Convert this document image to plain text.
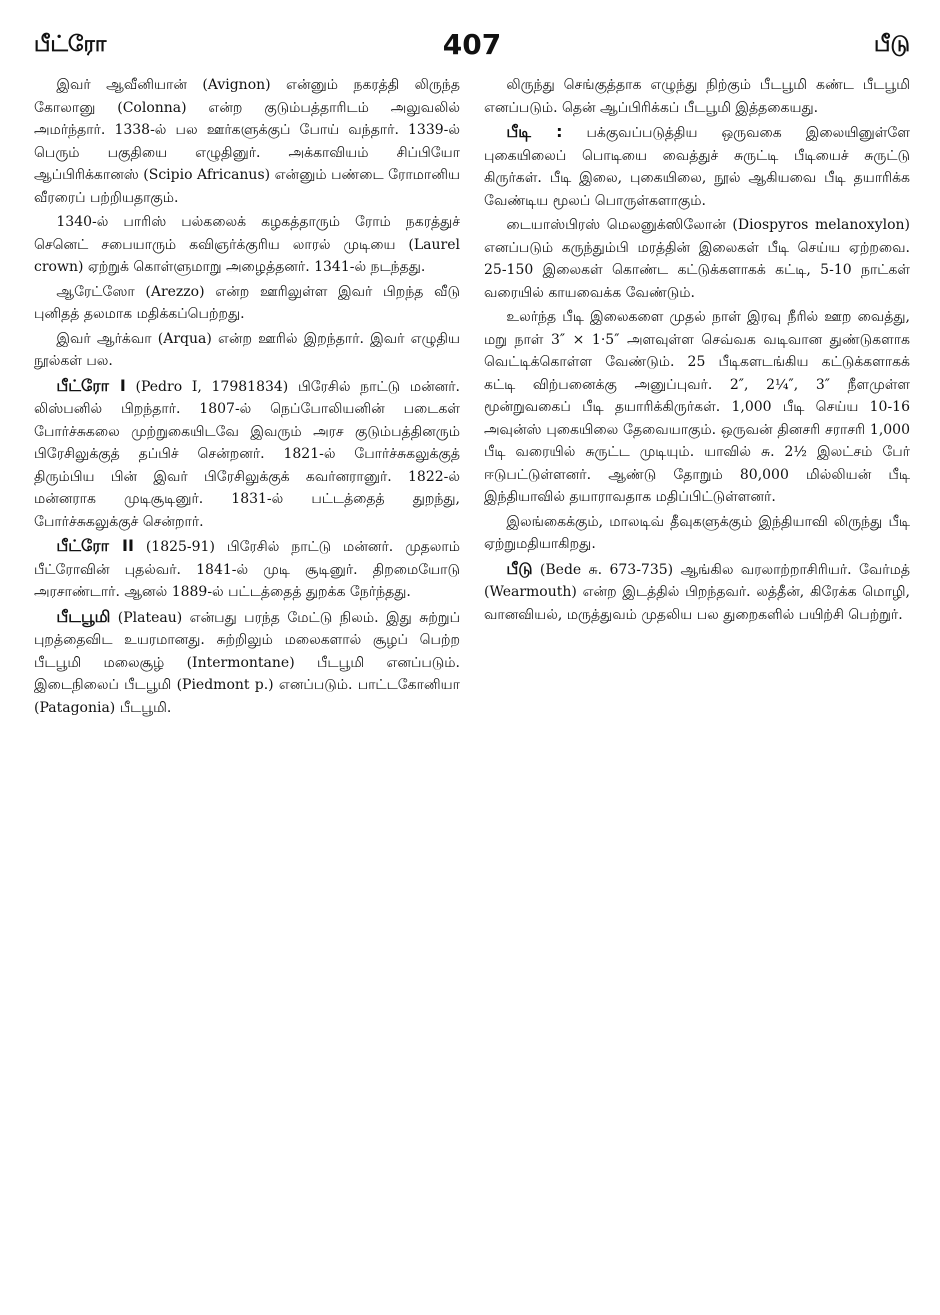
பீட்ரோ	407	பீடு

இவர் ஆவீனியான் (Avignon) என்னும் நகரத்தி லிருந்த கோலானு (Colonna) என்ற குடும்பத்தாரிடம் அலுவலில் அமர்ந்தார். 1338-ல் பல ஊர்களுக்குப் போய் வந்தார். 1339-ல் பெரும் பகுதியை எழுதினுர். அக்காவியம் சிப்பியோ ஆப்பிரிக்கானஸ் (Scipio Africanus) என்னும் பண்டை ரோமானிய வீரரைப் பற்றியதாகும்.

1340-ல் பாரிஸ் பல்கலைக் கழகத்தாரும் ரோம் நகரத்துச் செனெட் சபையாரும் கவிஞர்க்குரிய லாரல் முடியை (Laurel crown) ஏற்றுக் கொள்ளுமாறு அழைத்தனர். 1341-ல் நடந்தது.

ஆரேட்ஸோ (Arezzo) என்ற ஊரிலுள்ள இவர் பிறந்த வீடு புனிதத் தலமாக மதிக்கப்பெற்றது.

இவர் ஆர்க்வா (Arqua) என்ற ஊரில் இறந்தார். இவர் எழுதிய நூல்கள் பல.

பீட்ரோ I (Pedro I, 17981834) பிரேசில் நாட்டு மன்னர். லிஸ்பனில் பிறந்தார். 1807-ல் நெப்போலியனின் படைகள் போர்ச்சுகலை முற்றுகையிடவே இவரும் அரச குடும்பத்தினரும் பிரேசிலுக்குத் தப்பிச் சென்றனர். 1821-ல் போர்ச்சுகலுக்குத் திரும்பிய பின் இவர் பிரேசிலுக்குக் கவர்னரானுர். 1822-ல் மன்னராக முடிசூடினுர். 1831-ல் பட்டத்தைத் துறந்து, போர்ச்சுகலுக்குச் சென்றார்.

பீட்ரோ II (1825-91) பிரேசில் நாட்டு மன்னர். முதலாம் பீட்ரோவின் புதல்வர். 1841-ல் முடி சூடினுர். திறமையோடு அரசாண்டார். ஆனல் 1889-ல் பட்டத்தைத் துறக்க நேர்ந்தது.

பீடபூமி (Plateau) என்பது பரந்த மேட்டு நிலம். இது சுற்றுப் புறத்தைவிட உயரமானது. சுற்றிலும் மலைகளால் சூழப் பெற்ற பீடபூமி மலைசூழ் (Intermontane) பீடபூமி எனப்படும். இடைநிலைப் பீடபூமி (Piedmont p.) எனப்படும். பாட்டகோனியா (Patagonia) பீடபூமி.

லிருந்து செங்குத்தாக எழுந்து நிற்கும் பீடபூமி கண்ட பீடபூமி எனப்படும். தென் ஆப்பிரிக்கப் பீடபூமி இத்தகையது.

பீடி : பக்குவப்படுத்திய ஒருவகை இலையினுள்ளே புகையிலைப் பொடியை வைத்துச் சுருட்டி பீடியைச் சுருட்டு கிருர்கள். பீடி இலை, புகையிலை, நூல் ஆகியவை பீடி தயாரிக்க வேண்டிய மூலப் பொருள்களாகும்.

டையாஸ்பிரஸ் மெலனுக்ஸிலோன் (Diospyros melanoxylon) எனப்படும் கருந்தும்பி மரத்தின் இலைகள் பீடி செய்ய ஏற்றவை. 25-150 இலைகள் கொண்ட கட்டுக்களாகக் கட்டி, 5-10 நாட்கள் வரையில் காயவைக்க வேண்டும்.

உலர்ந்த பீடி இலைகளை முதல் நாள் இரவு நீரில் ஊற வைத்து, மறு நாள் 3″ × 1·5″ அளவுள்ள செவ்வக வடிவான துண்டுகளாக வெட்டிக்கொள்ள வேண்டும். 25 பீடிகளடங்கிய கட்டுக்களாகக் கட்டி விற்பனைக்கு அனுப்புவர். 2″, 2¼″, 3″ நீளமுள்ள மூன்றுவகைப் பீடி தயாரிக்கிருர்கள். 1,000 பீடி செய்ய 10-16 அவுன்ஸ் புகையிலை தேவையாகும். ஒருவன் தினசரி சராசரி 1,000 பீடி வரையில் சுருட்ட முடியும். யாவில் சு. 2½ இலட்சம் பேர் ஈடுபட்டுள்ளனர். ஆண்டு தோறும் 80,000 மில்லியன் பீடி இந்தியாவில் தயாராவதாக மதிப்பிட்டுள்ளனர்.

இலங்கைக்கும், மாலடிவ் தீவுகளுக்கும் இந்தியாவி லிருந்து பீடி ஏற்றுமதியாகிறது.

பீடு (Bede சு. 673-735) ஆங்கில வரலாற்றாசிரியர். வேர்மத் (Wearmouth) என்ற இடத்தில் பிறந்தவர். லத்தீன், கிரேக்க மொழி, வானவியல், மருத்துவம் முதலிய பல துறைகளில் பயிற்சி பெற்றுர்.
